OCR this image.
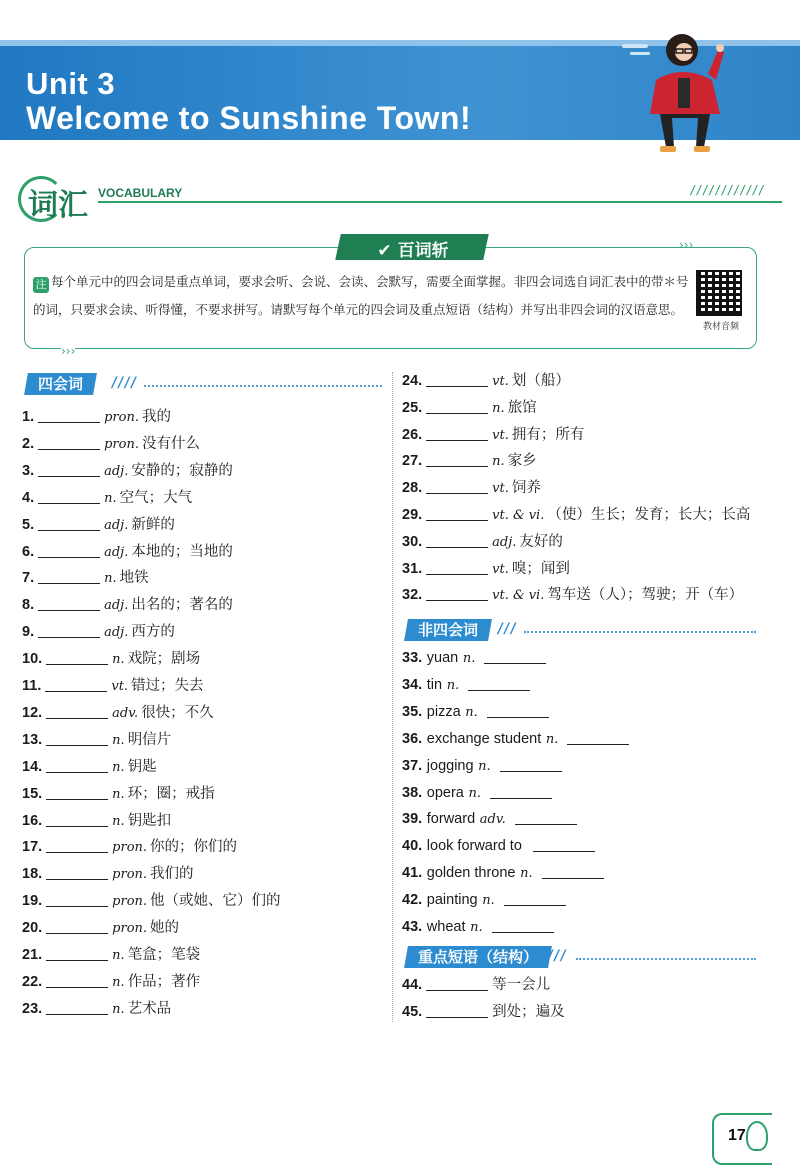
Unit 3
Welcome to Sunshine Town!
词汇 VOCABULARY	////////////
›››
›››
✔ 百词斩
注 每个单元中的四会词是重点单词，要求会听、会说、会读、会默写，需要全面掌握。非四会词选自词汇表中的带＊号的词，只要求会读、听得懂，不要求拼写。请默写每个单元的四会词及重点短语（结构）并写出非四会词的汉语意思。
教材音频
四会词	////
1.	pron. 我的
2.	pron. 没有什么
3.	adj. 安静的；寂静的
4.	n. 空气；大气
5.	adj. 新鲜的
6.	adj. 本地的；当地的
7.	n. 地铁
8.	adj. 出名的；著名的
9.	adj. 西方的
10.	n. 戏院；剧场
11.	vt. 错过；失去
12.	adv. 很快；不久
13.	n. 明信片
14.	n. 钥匙
15.	n. 环；圈；戒指
16.	n. 钥匙扣
17.	pron. 你的；你们的
18.	pron. 我们的
19.	pron. 他（或她、它）们的
20.	pron. 她的
21.	n. 笔盒；笔袋
22.	n. 作品；著作
23.	n. 艺术品
24.	vt. 划（船）
25.	n. 旅馆
26.	vt. 拥有；所有
27.	n. 家乡
28.	vt. 饲养
29.	vt. & vi. （使）生长；发育；长大；长高
30.	adj. 友好的
31.	vt. 嗅；闻到
32.	vt. & vi. 驾车送（人）；驾驶；开（车）
非四会词	///
33. yuan n.
34. tin n.
35. pizza n.
36. exchange student n.
37. jogging n.
38. opera n.
39. forward adv.
40. look forward to
41. golden throne n.
42. painting n.
43. wheat n.
重点短语（结构） ///
44.	等一会儿
45.	到处；遍及
17
